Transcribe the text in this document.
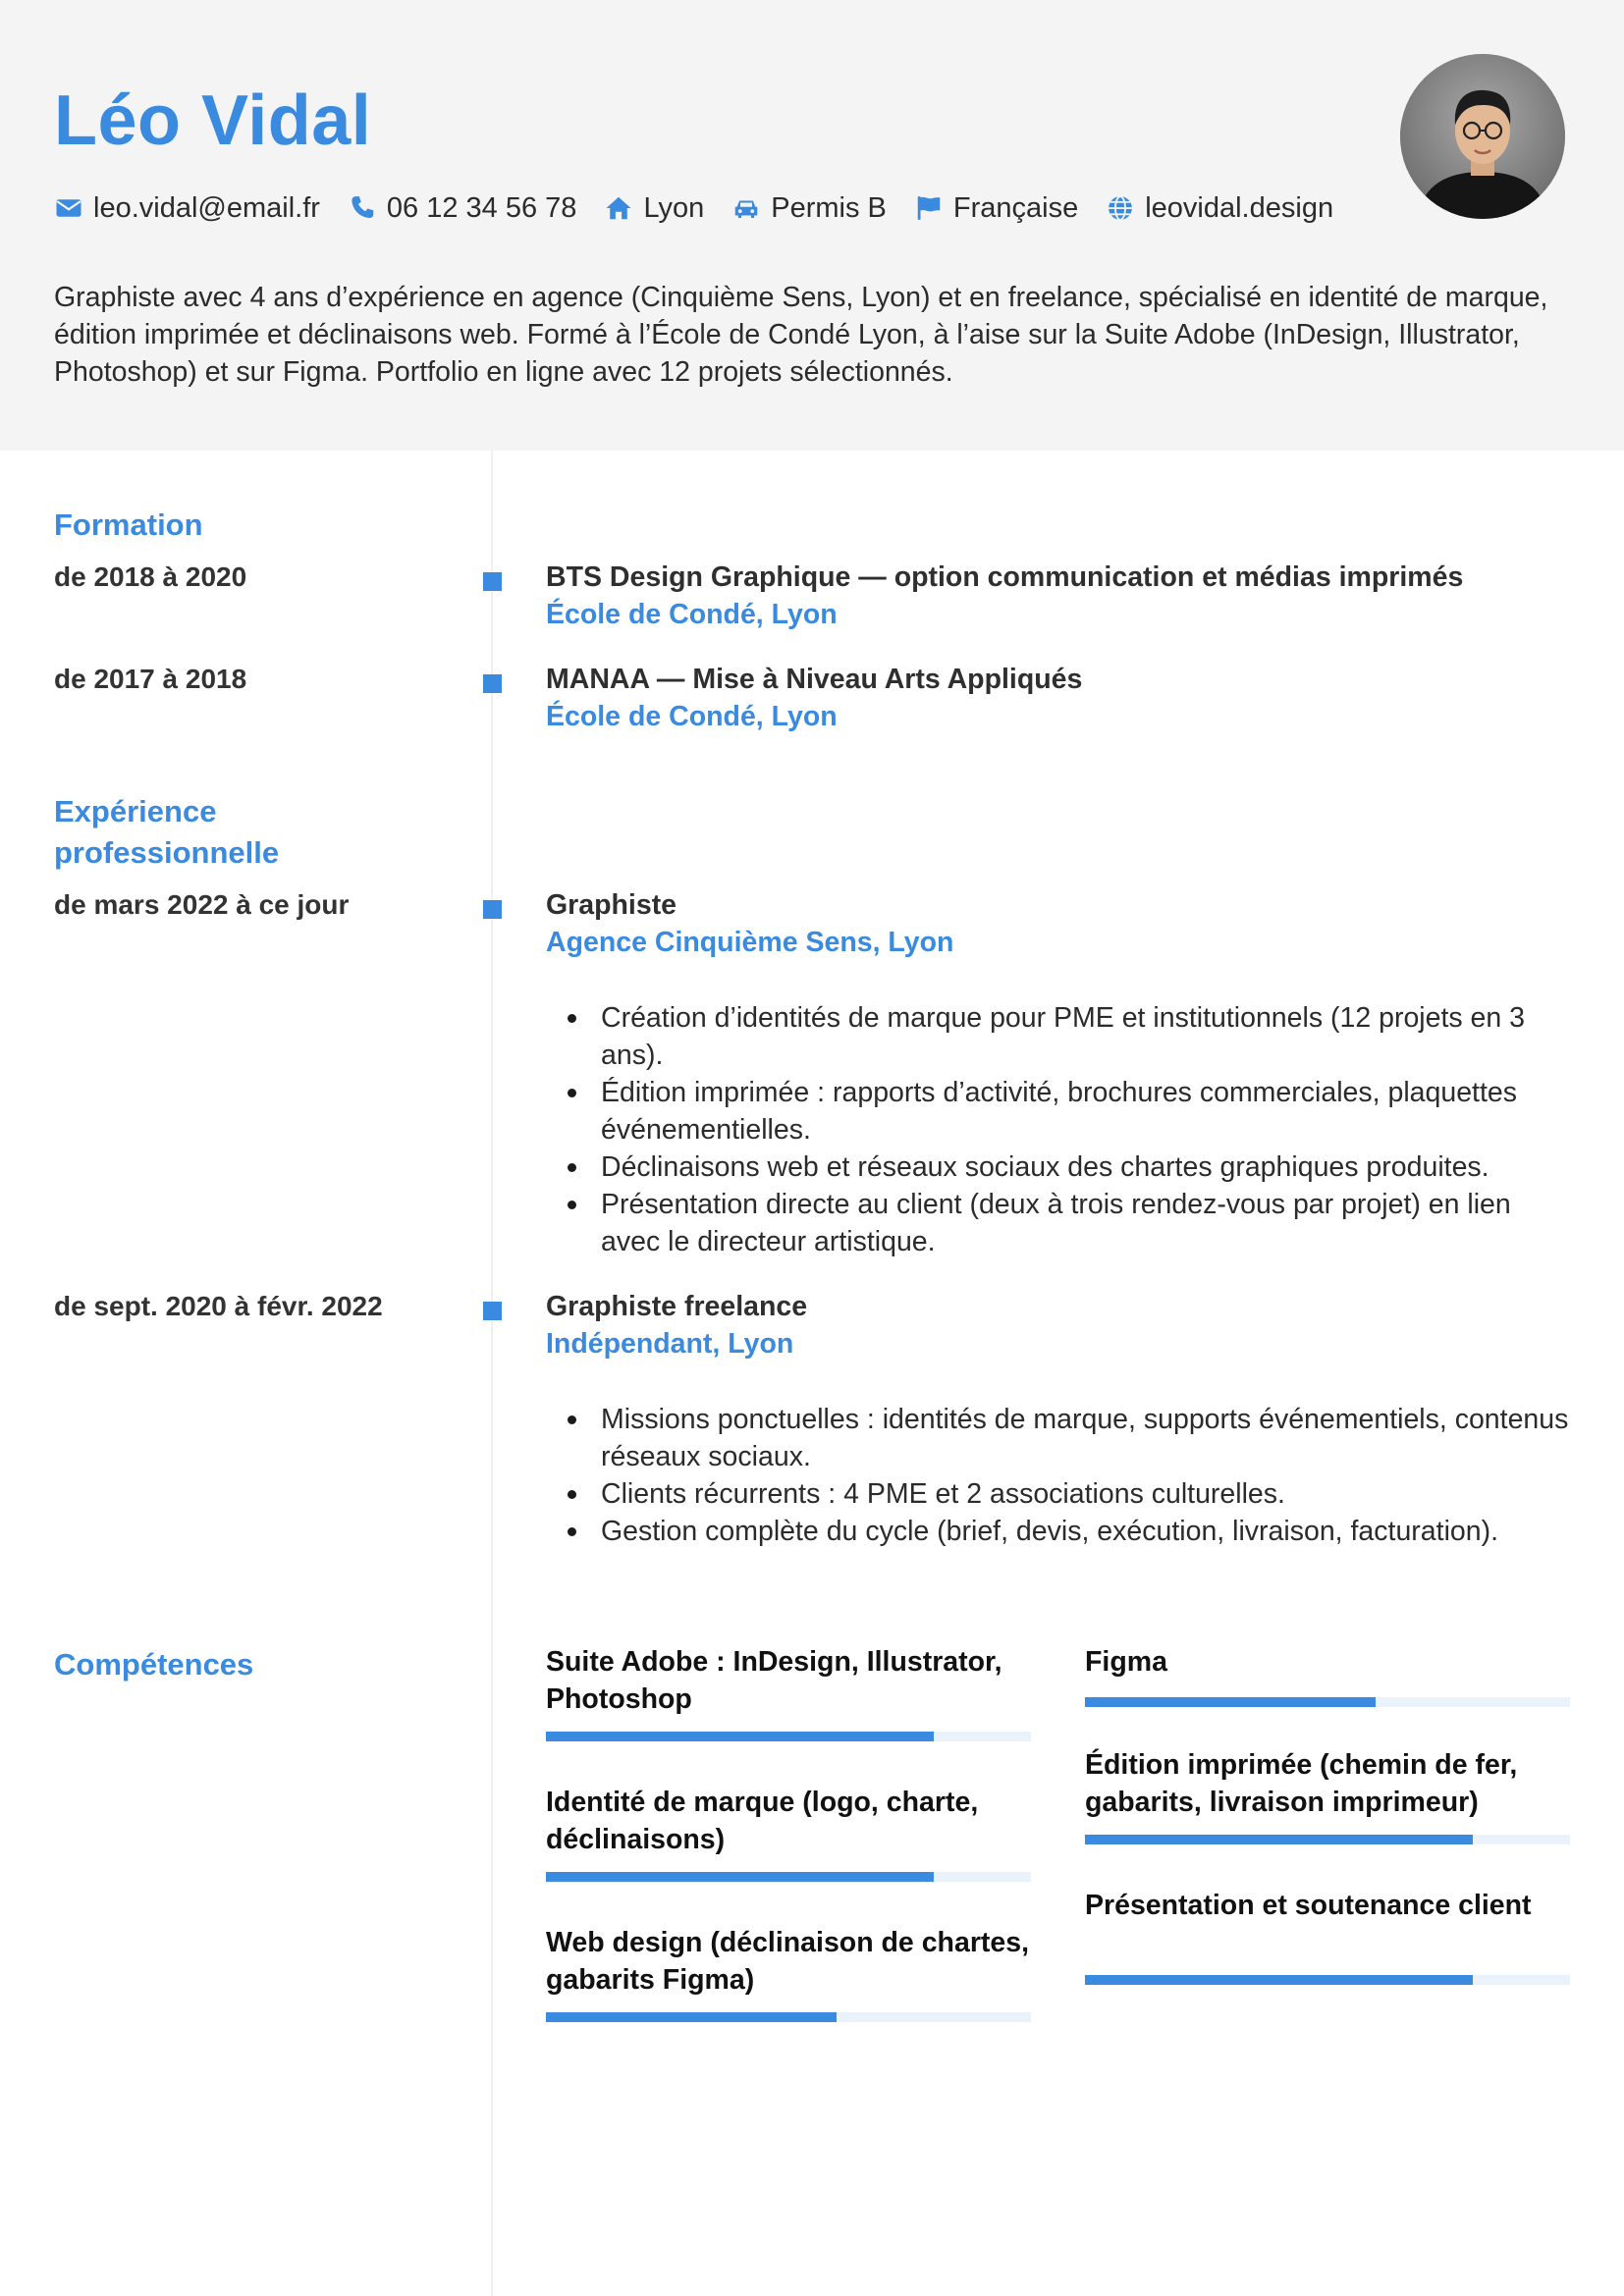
Léo Vidal
leo.vidal@email.fr 06 12 34 56 78 Lyon Permis B Française leovidal.design

Graphiste avec 4 ans d’expérience en agence (Cinquième Sens, Lyon) et en freelance, spécialisé en identité de marque, édition imprimée et déclinaisons web. Formé à l’École de Condé Lyon, à l’aise sur la Suite Adobe (InDesign, Illustrator, Photoshop) et sur Figma. Portfolio en ligne avec 12 projets sélectionnés.

Formation
de 2018 à 2020	BTS Design Graphique — option communication et médias imprimés
École de Condé, Lyon
de 2017 à 2018	MANAA — Mise à Niveau Arts Appliqués
École de Condé, Lyon
Expérience
professionnelle
de mars 2022 à ce jour	Graphiste
Agence Cinquième Sens, Lyon
Création d’identités de marque pour PME et institutionnels (12 projets en 3 ans).
Édition imprimée : rapports d’activité, brochures commerciales, plaquettes événementielles.
Déclinaisons web et réseaux sociaux des chartes graphiques produites.
Présentation directe au client (deux à trois rendez-vous par projet) en lien avec le directeur artistique.
de sept. 2020 à févr. 2022	Graphiste freelance
Indépendant, Lyon
Missions ponctuelles : identités de marque, supports événementiels, contenus réseaux sociaux.
Clients récurrents : 4 PME et 2 associations culturelles.
Gestion complète du cycle (brief, devis, exécution, livraison, facturation).
Compétences	Suite Adobe : InDesign, Illustrator, Photoshop
Figma
Identité de marque (logo, charte, déclinaisons)
Édition imprimée (chemin de fer, gabarits, livraison imprimeur)
Web design (déclinaison de chartes, gabarits Figma)
Présentation et soutenance client
